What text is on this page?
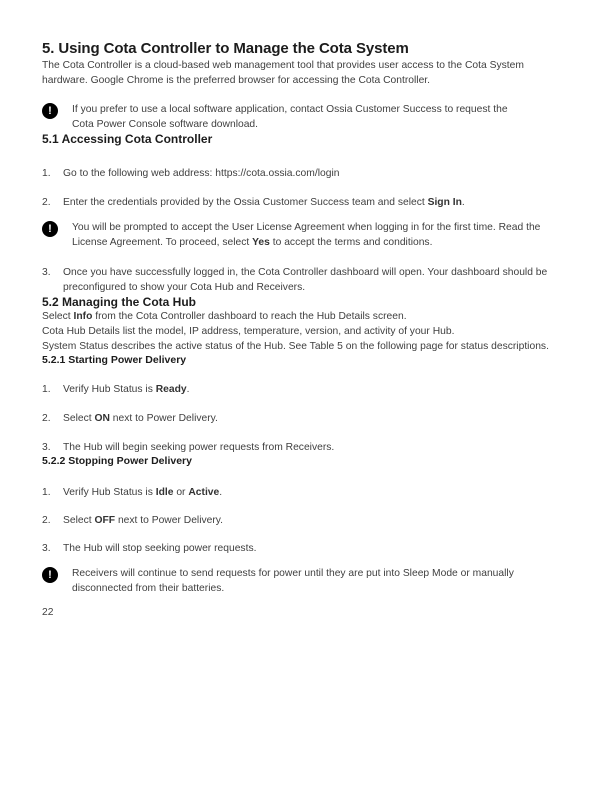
5. Using Cota Controller to Manage the Cota System

The Cota Controller is a cloud-based web management tool that provides user access to the Cota System hardware. Google Chrome is the preferred browser for accessing the Cota Controller.

! If you prefer to use a local software application, contact Ossia Customer Success to request the Cota Power Console software download.

5.1 Accessing Cota Controller
1.	Go to the following web address: https://cota.ossia.com/login
2.	Enter the credentials provided by the Ossia Customer Success team and select Sign In.
! You will be prompted to accept the User License Agreement when logging in for the first time. Read the License Agreement. To proceed, select Yes to accept the terms and conditions.

3.	Once you have successfully logged in, the Cota Controller dashboard will open. Your dashboard should be preconfigured to show your Cota Hub and Receivers.
5.2 Managing the Cota Hub

Select Info from the Cota Controller dashboard to reach the Hub Details screen.

Cota Hub Details list the model, IP address, temperature, version, and activity of your Hub.

System Status describes the active status of the Hub. See Table 5 on the following page for status descriptions.

5.2.1 Starting Power Delivery
1.	Verify Hub Status is Ready.
2.	Select ON next to Power Delivery.
3.	The Hub will begin seeking power requests from Receivers.
5.2.2 Stopping Power Delivery
1.	Verify Hub Status is Idle or Active.
2.	Select OFF next to Power Delivery.
3.	The Hub will stop seeking power requests.
! Receivers will continue to send requests for power until they are put into Sleep Mode or manually disconnected from their batteries.

22
